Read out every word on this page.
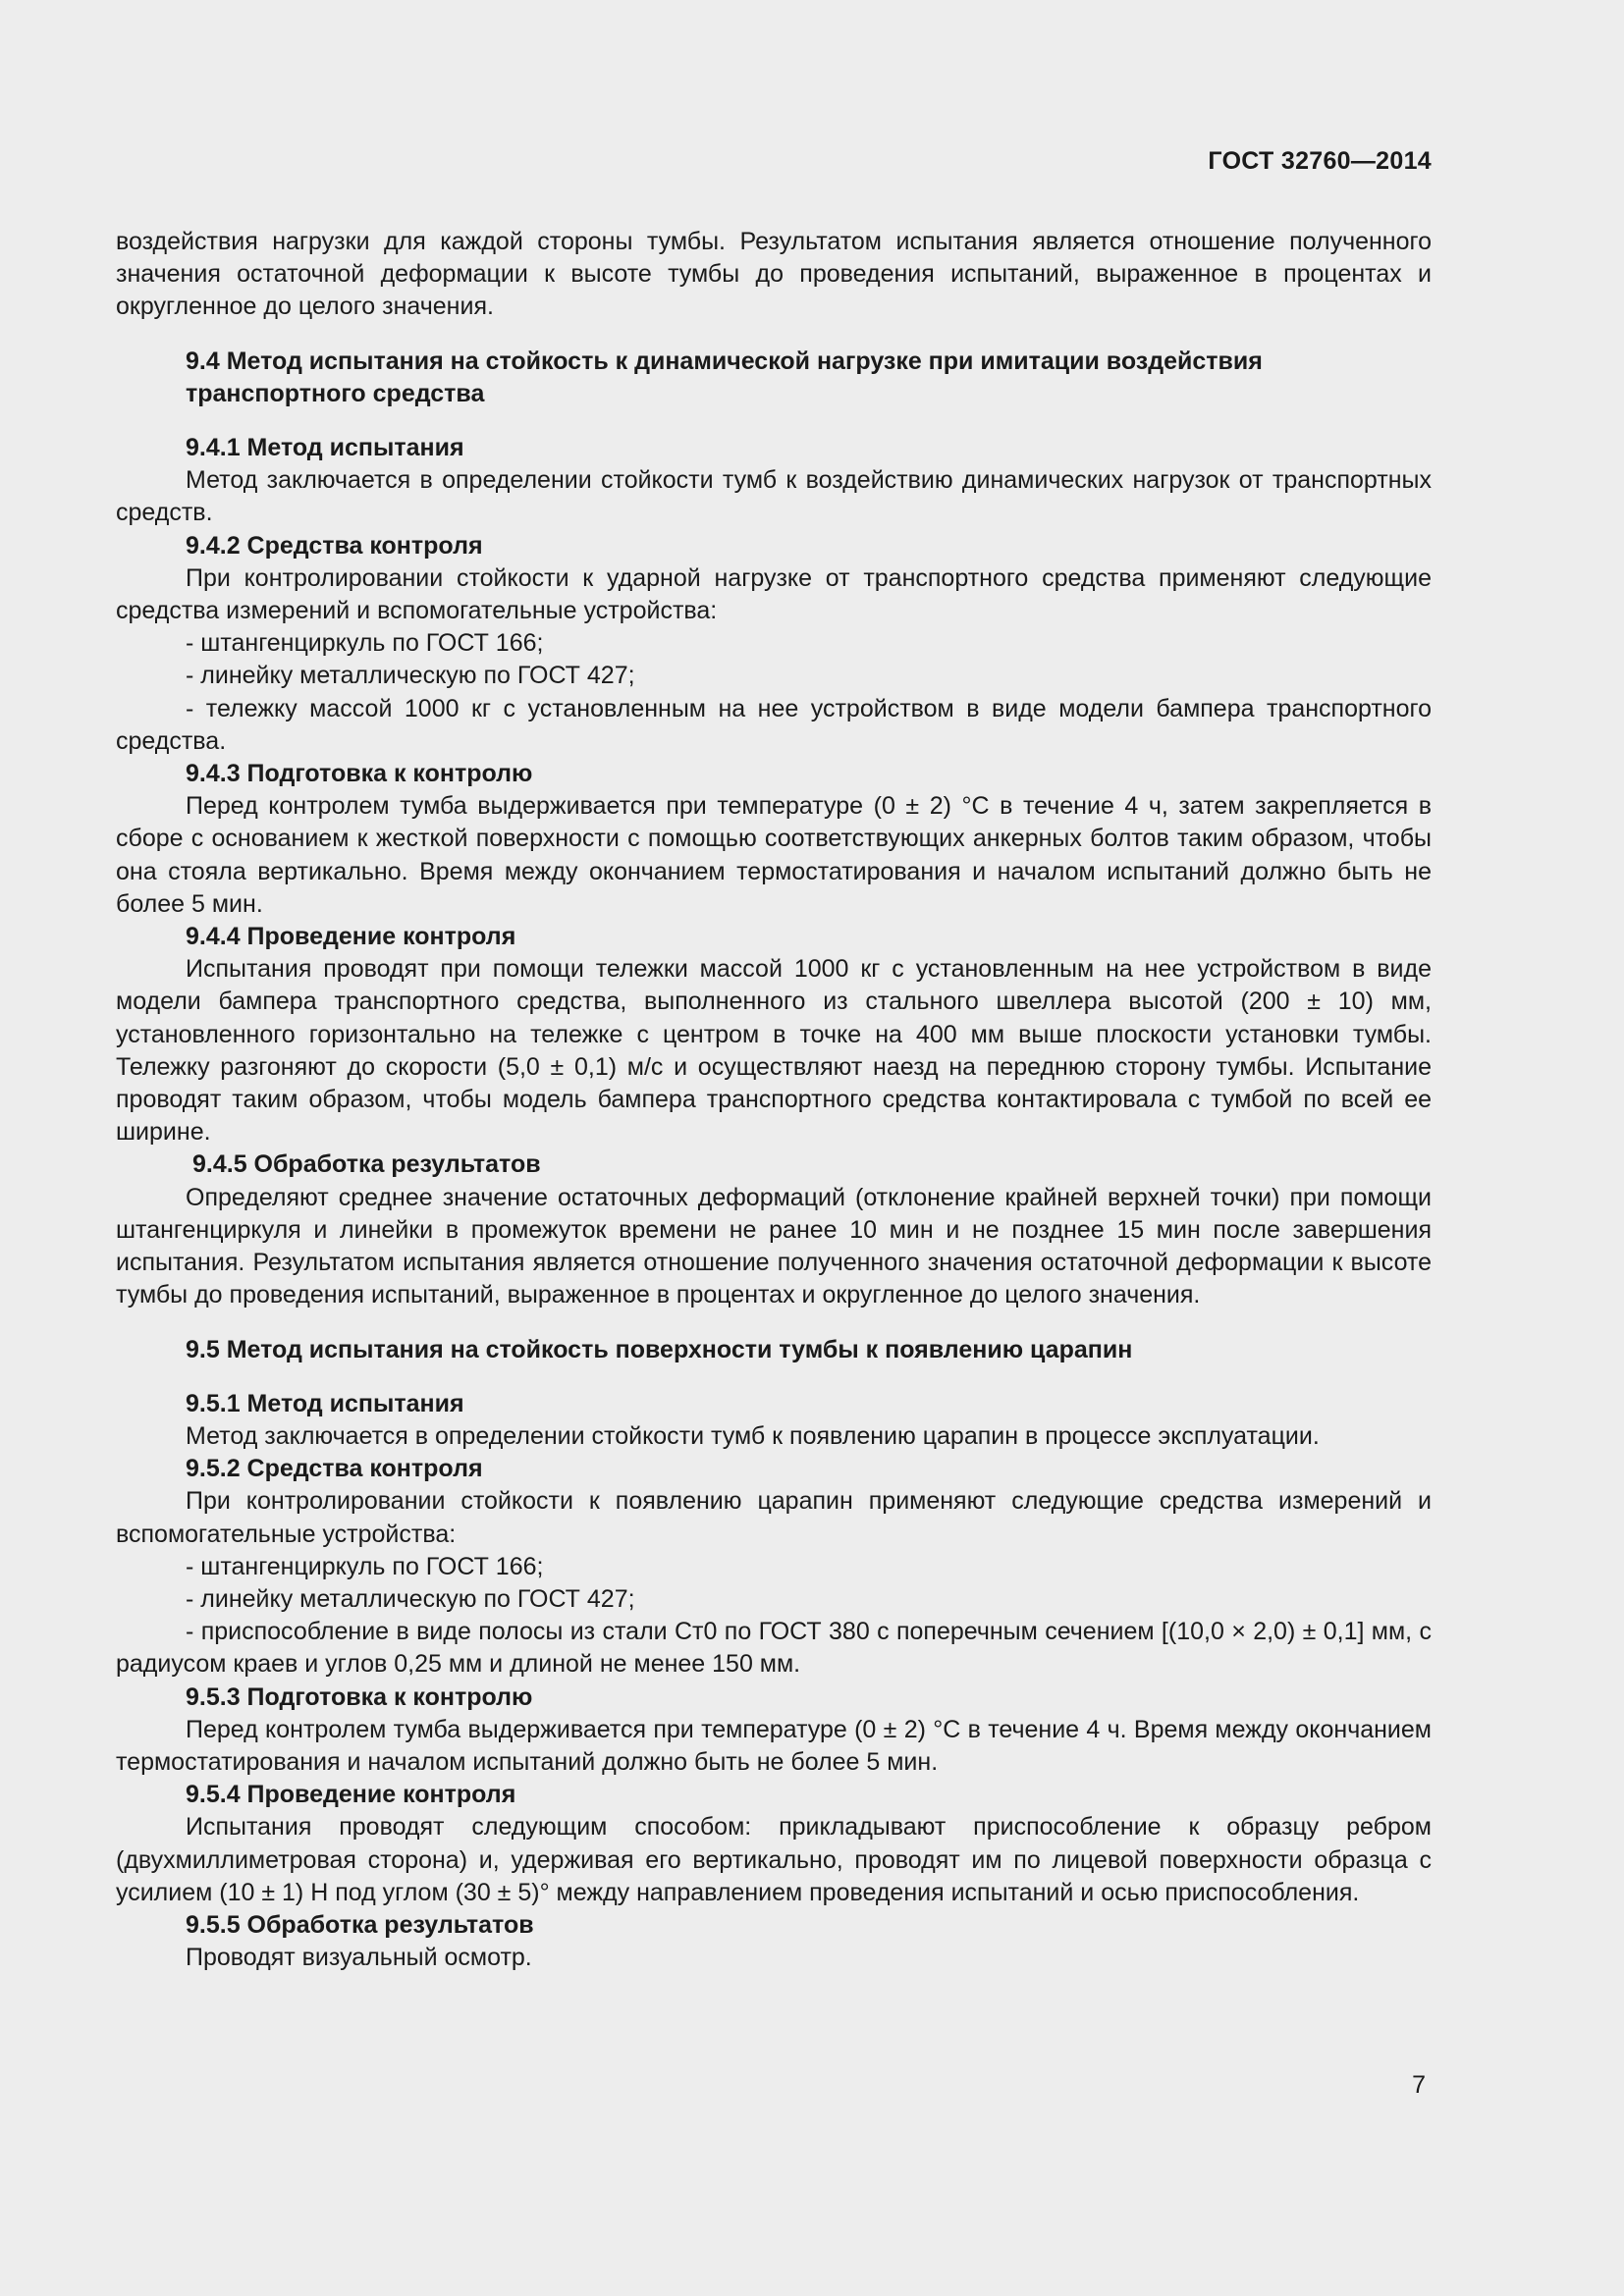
ГОСТ 32760—2014

воздействия нагрузки для каждой стороны тумбы. Результатом испытания является отношение полученного значения остаточной деформации к высоте тумбы до проведения испытаний, выраженное в процентах и округленное до целого значения.

9.4 Метод испытания на стойкость к динамической нагрузке при имитации воздействия транспортного средства

9.4.1 Метод испытания

Метод заключается в определении стойкости тумб к воздействию динамических нагрузок от транспортных средств.

9.4.2 Средства контроля

При контролировании стойкости к ударной нагрузке от транспортного средства применяют следующие средства измерений и вспомогательные устройства:

- штангенциркуль по ГОСТ 166;

- линейку металлическую по ГОСТ 427;

- тележку массой 1000 кг с установленным на нее устройством в виде модели бампера транспортного средства.

9.4.3 Подготовка к контролю

Перед контролем тумба выдерживается при температуре (0 ± 2) °С в течение 4 ч, затем закрепляется в сборе с основанием к жесткой поверхности с помощью соответствующих анкерных болтов таким образом, чтобы она стояла вертикально. Время между окончанием термостатирования и началом испытаний должно быть не более 5 мин.

9.4.4 Проведение контроля

Испытания проводят при помощи тележки массой 1000 кг с установленным на нее устройством в виде модели бампера транспортного средства, выполненного из стального швеллера высотой (200 ± 10) мм, установленного горизонтально на тележке с центром в точке на 400 мм выше плоскости установки тумбы. Тележку разгоняют до скорости (5,0 ± 0,1) м/с и осуществляют наезд на переднюю сторону тумбы. Испытание проводят таким образом, чтобы модель бампера транспортного средства контактировала с тумбой по всей ее ширине.

9.4.5 Обработка результатов

Определяют среднее значение остаточных деформаций (отклонение крайней верхней точки) при помощи штангенциркуля и линейки в промежуток времени не ранее 10 мин и не позднее 15 мин после завершения испытания. Результатом испытания является отношение полученного значения остаточной деформации к высоте тумбы до проведения испытаний, выраженное в процентах и округленное до целого значения.

9.5 Метод испытания на стойкость поверхности тумбы к появлению царапин

9.5.1 Метод испытания

Метод заключается в определении стойкости тумб к появлению царапин в процессе эксплуатации.

9.5.2 Средства контроля

При контролировании стойкости к появлению царапин применяют следующие средства измерений и вспомогательные устройства:

- штангенциркуль по ГОСТ 166;

- линейку металлическую по ГОСТ 427;

- приспособление в виде полосы из стали Ст0 по ГОСТ 380 с поперечным сечением [(10,0 × 2,0) ± 0,1] мм, с радиусом краев и углов 0,25 мм и длиной не менее 150 мм.

9.5.3 Подготовка к контролю

Перед контролем тумба выдерживается при температуре (0 ± 2) °С в течение 4 ч. Время между окончанием термостатирования и началом испытаний должно быть не более 5 мин.

9.5.4 Проведение контроля

Испытания проводят следующим способом: прикладывают приспособление к образцу ребром (двухмиллиметровая сторона) и, удерживая его вертикально, проводят им по лицевой поверхности образца с усилием (10 ± 1) Н под углом (30 ± 5)° между направлением проведения испытаний и осью приспособления.

9.5.5 Обработка результатов

Проводят визуальный осмотр.

7
